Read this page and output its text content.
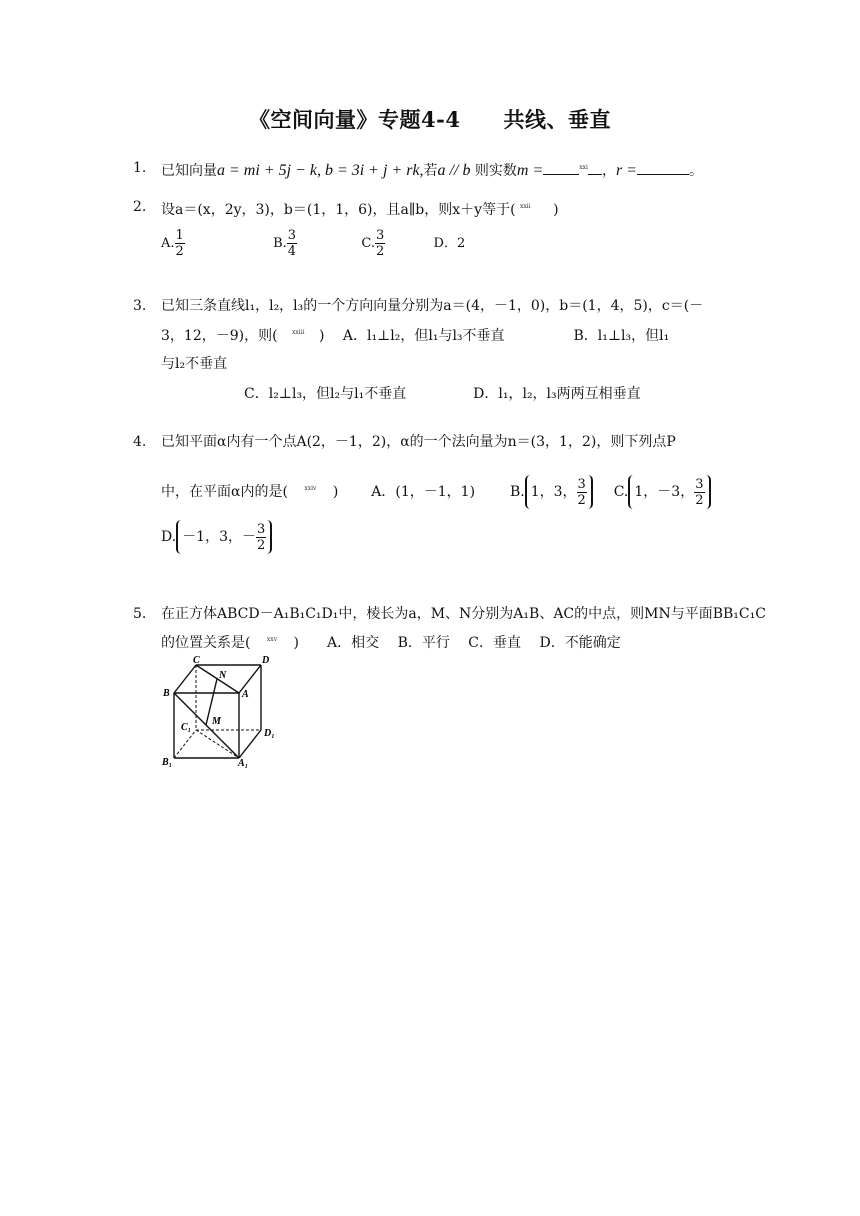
《空间向量》专题4-4　　共线、垂直
1. 已知向量a = mi + 5j − k, b = 3i + j + rk,若a // b 则实数m =	$^{xxi}$ ，r =	。
2. 设a＝(x，2y，3)，b＝(1，1，6)，且a∥b，则x＋y等于( $^{xxii}$ )
A. $\frac{1}{2}$	B. $\frac{3}{4}$	C. $\frac{3}{2}$	D．2
3. 已知三条直线l₁，l₂，l₃的一个方向向量分别为a＝(4，－1，0)，b＝(1，4，5)，c＝(－
3，12，－9)，则( $^{xxiii}$ )　 A．l₁⊥l₂，但l₁与l₃不垂直	B．l₁⊥l₃，但l₁
与l₂不垂直
C．l₂⊥l₃，但l₂与l₁不垂直	D．l₁，l₂，l₃两两互相垂直
4. 已知平面α内有一个点A(2，－1，2)，α的一个法向量为n＝(3，1，2)，则下列点P
中，在平面α内的是(	$^{xxiv}$ ) A．(1，－1，1) B. 1，3， $\frac{3}{2} C$. 1，－3， $\frac{3}{2}$
D. －1，3，－ $\frac{3}{2}$
5. 在正方体ABCD－A₁B₁C₁D₁中，棱长为a，M、N分别为A₁B、AC的中点，则MN与平面BB₁C₁C
的位置关系是(	$^{xxv}$ )　　A．相交　 B．平行　 C．垂直　 D．不能确定
C	D
N
B	A
M
C₁
D₁
B₁	A₁
